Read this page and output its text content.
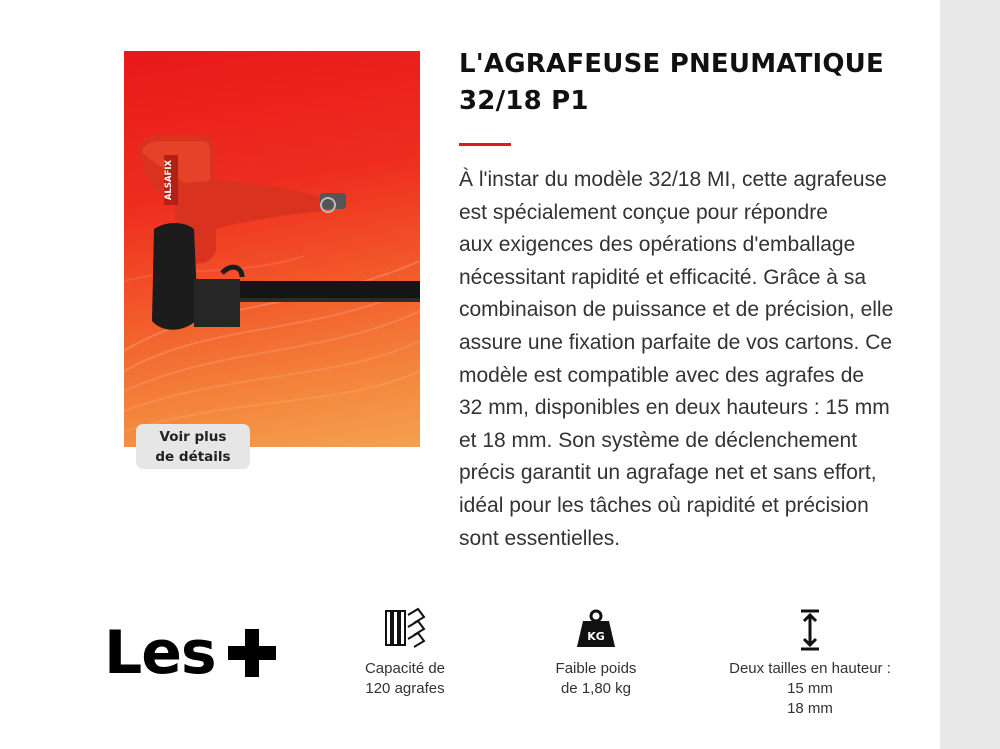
ALSAFIX
Voir plus
de détails
L'AGRAFEUSE PNEUMATIQUE
32/18 P1
À l'instar du modèle 32/18 MI, cette agrafeuse
est spécialement conçue pour répondre
aux exigences des opérations d'emballage
nécessitant rapidité et efficacité. Grâce à sa
combinaison de puissance et de précision, elle
assure une fixation parfaite de vos cartons. Ce
modèle est compatible avec des agrafes de
32 mm, disponibles en deux hauteurs : 15 mm
et 18 mm. Son système de déclenchement
précis garantit un agrafage net et sans effort,
idéal pour les tâches où rapidité et précision
sont essentielles.
Les	Capacité de
120 agrafes
KG
Faible poids
de 1,80 kg
Deux tailles en hauteur :
15 mm
18 mm
